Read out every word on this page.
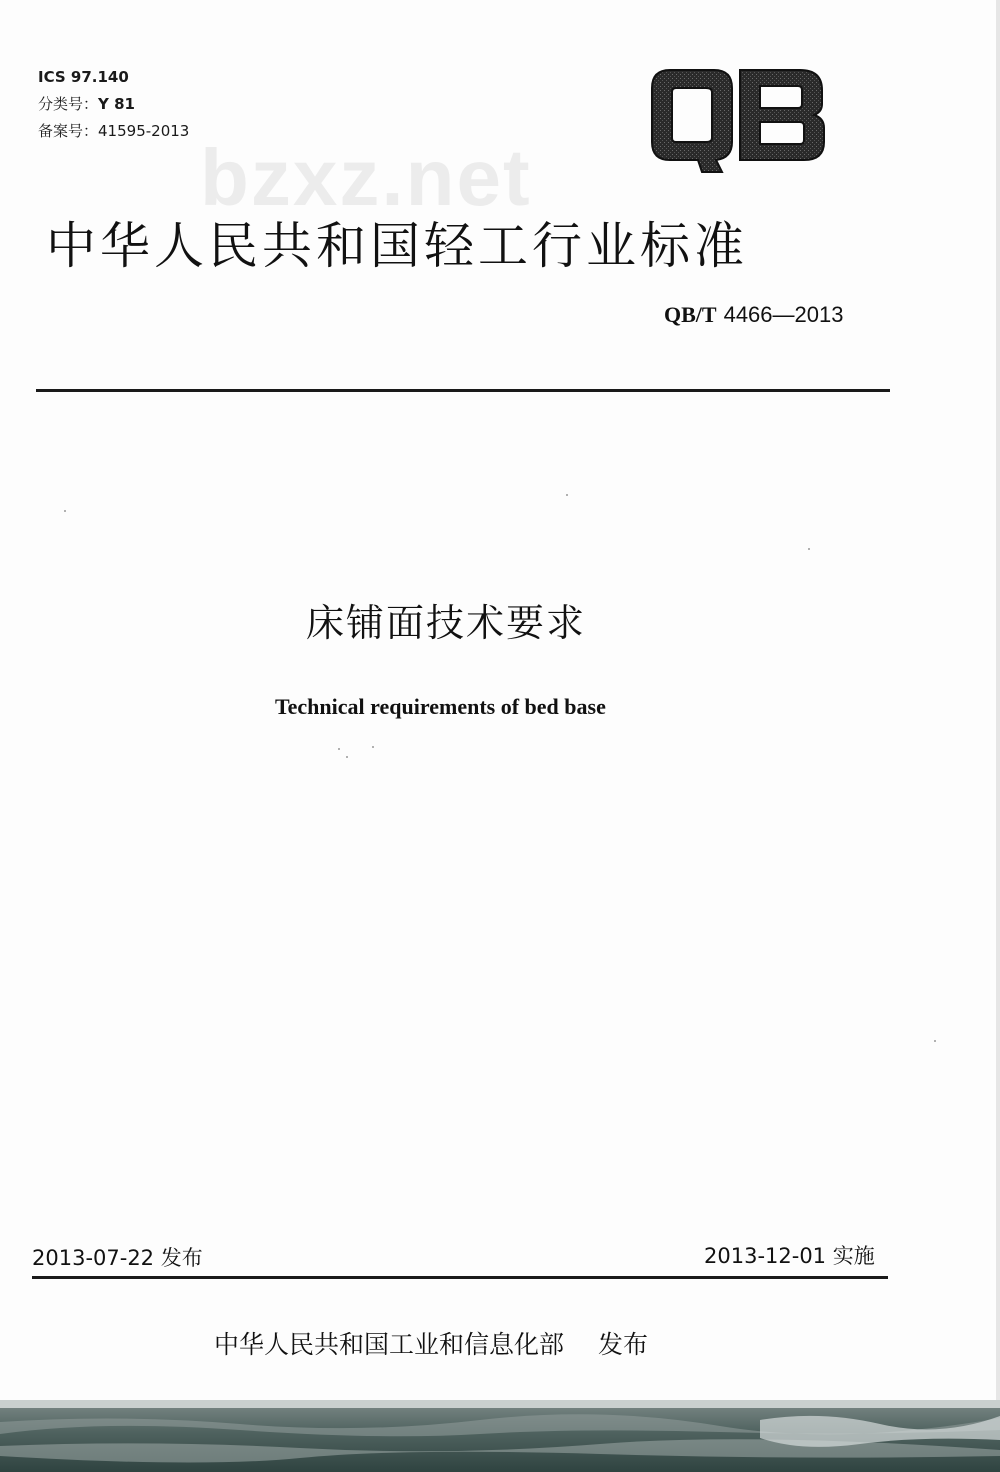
ICS 97.140
分类号：Y 81
备案号：41595-2013
QB
bzxz.net
中华人民共和国轻工行业标准
QB/T 4466—2013
床铺面技术要求
Technical requirements of bed base
2013-07-22 发布	2013-12-01 实施
中华人民共和国工业和信息化部 发布
